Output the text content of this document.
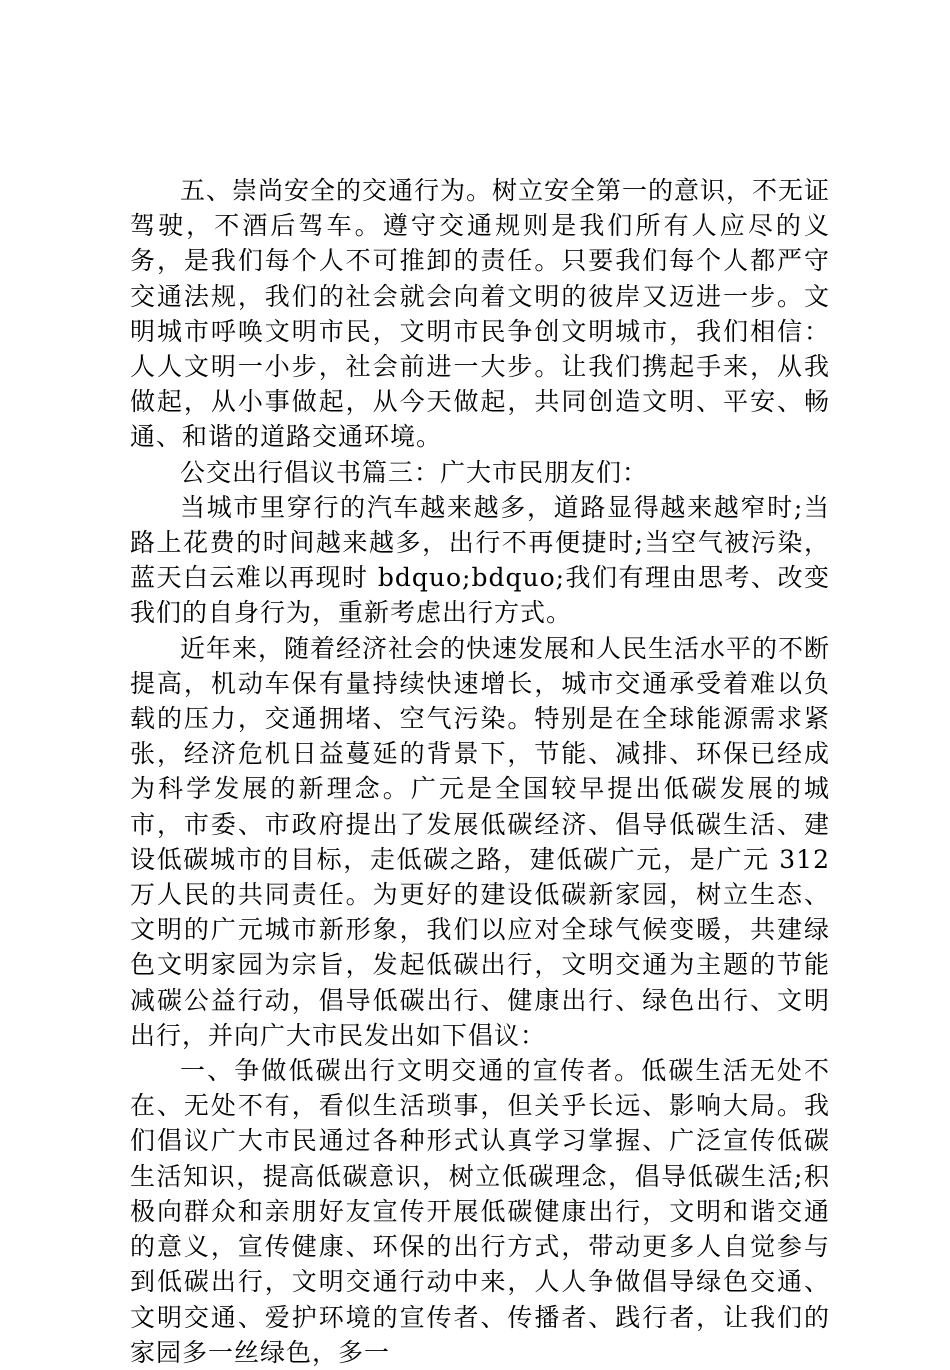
五、崇尚安全的交通行为。树立安全第一的意识，不无证驾驶，不酒后驾车。遵守交通规则是我们所有人应尽的义务，是我们每个人不可推卸的责任。只要我们每个人都严守交通法规，我们的社会就会向着文明的彼岸又迈进一步。文明城市呼唤文明市民，文明市民争创文明城市，我们相信：人人文明一小步，社会前进一大步。让我们携起手来，从我做起，从小事做起，从今天做起，共同创造文明、平安、畅通、和谐的道路交通环境。

公交出行倡议书篇三：广大市民朋友们：

当城市里穿行的汽车越来越多，道路显得越来越窄时;当路上花费的时间越来越多，出行不再便捷时;当空气被污染，蓝天白云难以再现时 bdquo;bdquo;我们有理由思考、改变我们的自身行为，重新考虑出行方式。

近年来，随着经济社会的快速发展和人民生活水平的不断提高，机动车保有量持续快速增长，城市交通承受着难以负载的压力，交通拥堵、空气污染。特别是在全球能源需求紧张，经济危机日益蔓延的背景下，节能、减排、环保已经成为科学发展的新理念。广元是全国较早提出低碳发展的城市，市委、市政府提出了发展低碳经济、倡导低碳生活、建设低碳城市的目标，走低碳之路，建低碳广元，是广元 312 万人民的共同责任。为更好的建设低碳新家园，树立生态、文明的广元城市新形象，我们以应对全球气候变暖，共建绿色文明家园为宗旨，发起低碳出行，文明交通为主题的节能减碳公益行动，倡导低碳出行、健康出行、绿色出行、文明出行，并向广大市民发出如下倡议：

一、争做低碳出行文明交通的宣传者。低碳生活无处不在、无处不有，看似生活琐事，但关乎长远、影响大局。我们倡议广大市民通过各种形式认真学习掌握、广泛宣传低碳生活知识，提高低碳意识，树立低碳理念，倡导低碳生活;积极向群众和亲朋好友宣传开展低碳健康出行，文明和谐交通的意义，宣传健康、环保的出行方式，带动更多人自觉参与到低碳出行，文明交通行动中来，人人争做倡导绿色交通、文明交通、爱护环境的宣传者、传播者、践行者，让我们的家园多一丝绿色，多一
